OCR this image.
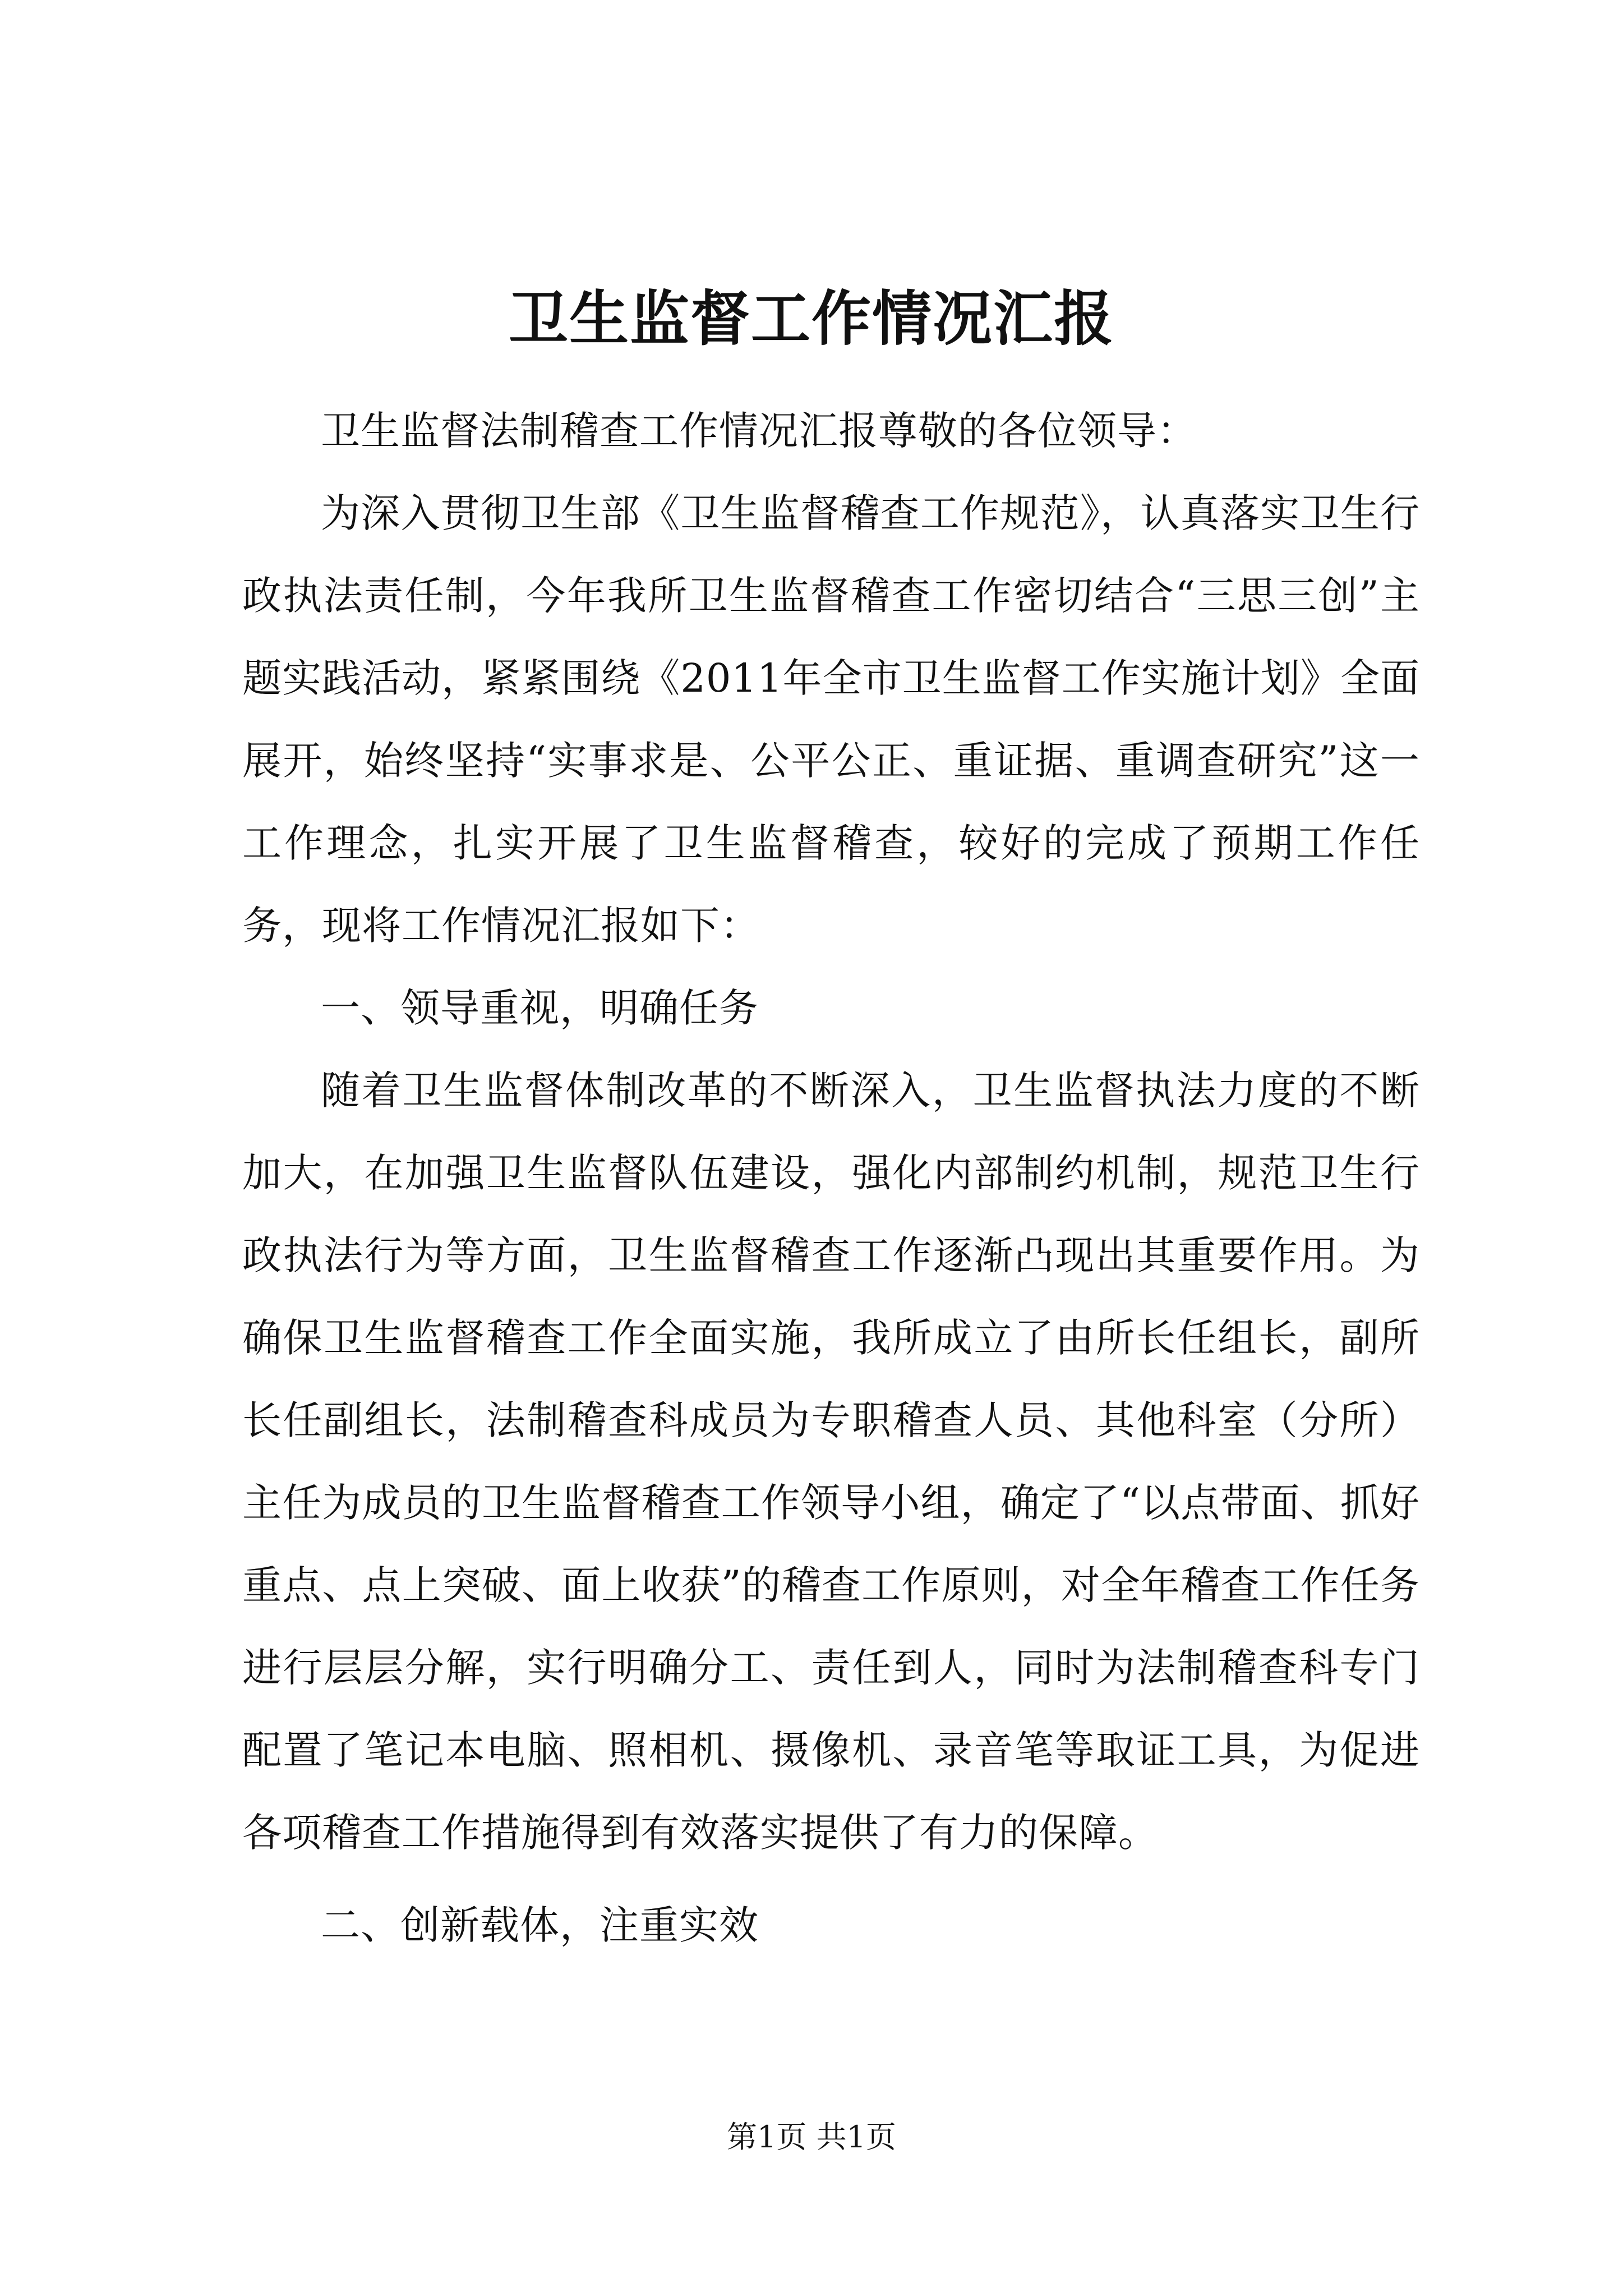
卫生监督工作情况汇报

卫生监督法制稽查工作情况汇报尊敬的各位领导：

为深入贯彻卫生部《卫生监督稽查工作规范》，认真落实卫生行政执法责任制，今年我所卫生监督稽查工作密切结合“三思三创”主题实践活动，紧紧围绕《2011年全市卫生监督工作实施计划》全面展开，始终坚持“实事求是、公平公正、重证据、重调查研究”这一工作理念，扎实开展了卫生监督稽查，较好的完成了预期工作任务，现将工作情况汇报如下：

一、领导重视，明确任务

随着卫生监督体制改革的不断深入，卫生监督执法力度的不断加大，在加强卫生监督队伍建设，强化内部制约机制，规范卫生行政执法行为等方面，卫生监督稽查工作逐渐凸现出其重要作用。为确保卫生监督稽查工作全面实施，我所成立了由所长任组长，副所长任副组长，法制稽查科成员为专职稽查人员、其他科室（分所）主任为成员的卫生监督稽查工作领导小组，确定了“以点带面、抓好重点、点上突破、面上收获”的稽查工作原则，对全年稽查工作任务进行层层分解，实行明确分工、责任到人，同时为法制稽查科专门配置了笔记本电脑、照相机、摄像机、录音笔等取证工具，为促进各项稽查工作措施得到有效落实提供了有力的保障。

二、创新载体，注重实效

第1页 共1页
